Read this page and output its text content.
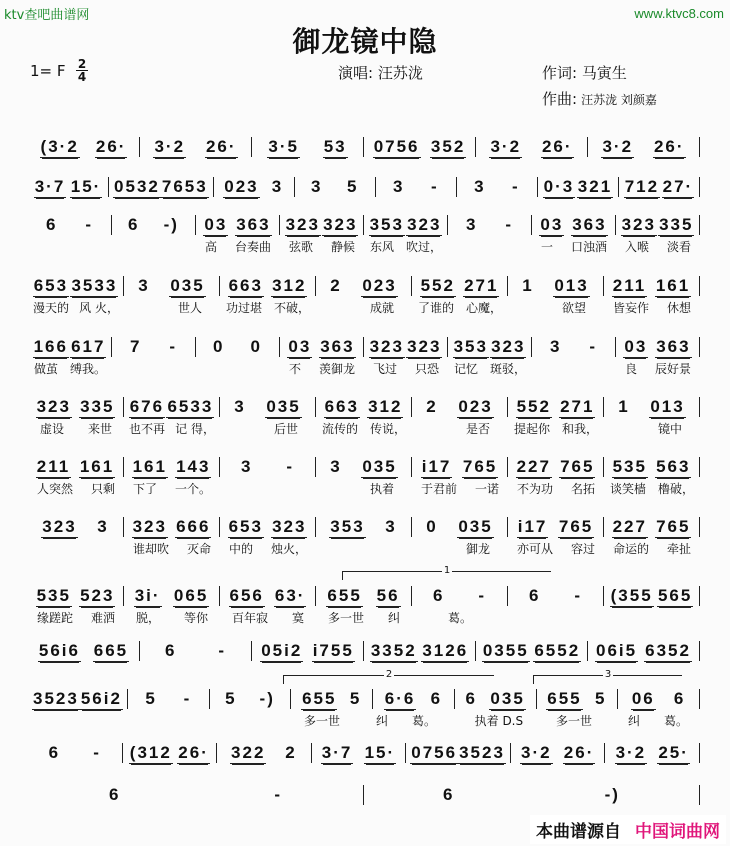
ktv查吧曲谱网	www.ktvc8.com
御龙镜中隐
1= F 2
4	演唱: 汪苏泷	作词: 马寅生
作曲: 汪苏泷 刘颜嘉
(3·2 26· 3·2 26· 3·5 53 0756 352 3·2 26· 3·2 26·
3·7 15· 0532 7653 023 3 3 5 3 - 3 - 0·3 321 712 27·
6 - 6 -) 03 363 323 323 353 323 3 - 03 363 323 335
高 台奏曲 弦歌 静候 东风 吹过，	一 口浊酒 入喉 淡看
653 3533 3 035 663 312 2 023 552 271 1 013 211 161
漫天的 风 火，	世人 功过堪 不破，	成就 了谁的 心魔，	欲望 皆妄作 休想
166 617 7 - 0 0 03 363 323 323 353 323 3 - 03 363
做茧 缚我。	不 羡御龙 飞过 只恐 记忆 斑驳，	良 辰好景
323 335 676 6533 3 035 663 312 2 023 552 271 1 013
虚设 来世 也不再 记 得，	后世 流传的 传说，	是否 提起你 和我，	镜中
211 161 161 143 3 - 3 035 i17 765 227 765 535 563
人突然 只剩 下了 一个。	执着 于君前 一诺 不为功 名拓 谈笑樯 橹破，
323 3 323 666 653 323 353 3 0 035 i17 765 227 765
谁却吹 灭命 中的 烛火，	御龙 亦可从 容过 命运的 牵扯
535 523 3i· 065 656 63· 655 56 6 -	6 - (355 565
缘蹉跎 难洒 脱， 等你 百年寂 寞 多一世 纠	葛。
56i6 665 6 - 05i2 i755 3352 3126 0355 6552 06i5 6352
3523 56i2 5 - 5 -) 655 5 6·6 6 6 035 655 5 06 6
多一世	纠 葛。	执着 D.S	多一世	纠 葛。
6 - (312 26· 322 2 3·7 15· 0756 3523 3·2 26· 3·2 25·
6	-	6	-)
1
2	3
本曲谱源自 中国词曲网
